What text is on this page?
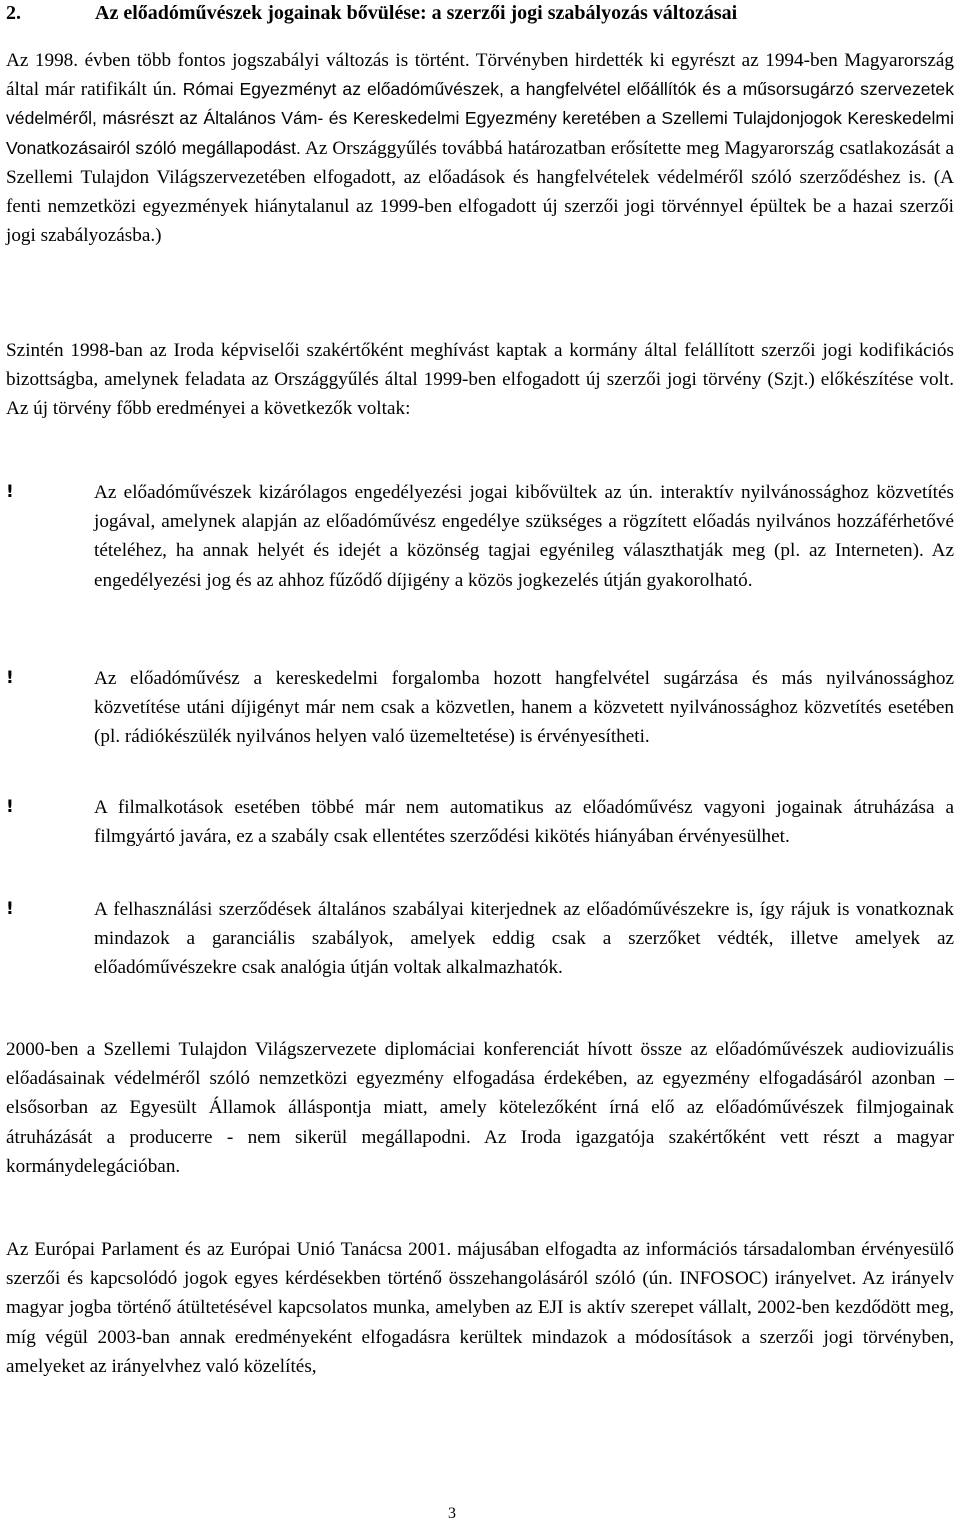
2.	Az előadóművészek jogainak bővülése: a szerzői jogi szabályozás változásai

Az 1998. évben több fontos jogszabályi változás is történt. Törvényben hirdették ki egyrészt az 1994-ben Magyarország által már ratifikált ún. Római Egyezményt az előadóművészek, a hangfelvétel előállítók és a műsorsugárzó szervezetek védelméről, másrészt az Általános Vám- és Kereskedelmi Egyezmény keretében a Szellemi Tulajdonjogok Kereskedelmi Vonatkozásairól szóló megállapodást. Az Országgyűlés továbbá határozatban erősítette meg Magyarország csatlakozását a Szellemi Tulajdon Világszervezetében elfogadott, az előadások és hangfelvételek védelméről szóló szerződéshez is. (A fenti nemzetközi egyezmények hiánytalanul az 1999-ben elfogadott új szerzői jogi törvénnyel épültek be a hazai szerzői jogi szabályozásba.)

Szintén 1998-ban az Iroda képviselői szakértőként meghívást kaptak a kormány által felállított szerzői jogi kodifikációs bizottságba, amelynek feladata az Országgyűlés által 1999-ben elfogadott új szerzői jogi törvény (Szjt.) előkészítése volt. Az új törvény főbb eredményei a következők voltak:

!	Az előadóművészek kizárólagos engedélyezési jogai kibővültek az ún. interaktív nyilvánossághoz közvetítés jogával, amelynek alapján az előadóművész engedélye szükséges a rögzített előadás nyilvános hozzáférhetővé tételéhez, ha annak helyét és idejét a közönség tagjai egyénileg választhatják meg (pl. az Interneten). Az engedélyezési jog és az ahhoz fűződő díjigény a közös jogkezelés útján gyakorolható.

!	Az előadóművész a kereskedelmi forgalomba hozott hangfelvétel sugárzása és más nyilvánossághoz közvetítése utáni díjigényt már nem csak a közvetlen, hanem a közvetett nyilvánossághoz közvetítés esetében (pl. rádiókészülék nyilvános helyen való üzemeltetése) is érvényesítheti.

!	A filmalkotások esetében többé már nem automatikus az előadóművész vagyoni jogainak átruházása a filmgyártó javára, ez a szabály csak ellentétes szerződési kikötés hiányában érvényesülhet.

!	A felhasználási szerződések általános szabályai kiterjednek az előadóművészekre is, így rájuk is vonatkoznak mindazok a garanciális szabályok, amelyek eddig csak a szerzőket védték, illetve amelyek az előadóművészekre csak analógia útján voltak alkalmazhatók.

2000-ben a Szellemi Tulajdon Világszervezete diplomáciai konferenciát hívott össze az előadóművészek audiovizuális előadásainak védelméről szóló nemzetközi egyezmény elfogadása érdekében, az egyezmény elfogadásáról azonban – elsősorban az Egyesült Államok álláspontja miatt, amely kötelezőként írná elő az előadóművészek filmjogainak átruházását a producerre - nem sikerül megállapodni. Az Iroda igazgatója szakértőként vett részt a magyar kormánydelegációban.

Az Európai Parlament és az Európai Unió Tanácsa 2001. májusában elfogadta az információs társadalomban érvényesülő szerzői és kapcsolódó jogok egyes kérdésekben történő összehangolásáról szóló (ún. INFOSOC) irányelvet. Az irányelv magyar jogba történő átültetésével kapcsolatos munka, amelyben az EJI is aktív szerepet vállalt, 2002-ben kezdődött meg, míg végül 2003-ban annak eredményeként elfogadásra kerültek mindazok a módosítások a szerzői jogi törvényben, amelyeket az irányelvhez való közelítés,

3
